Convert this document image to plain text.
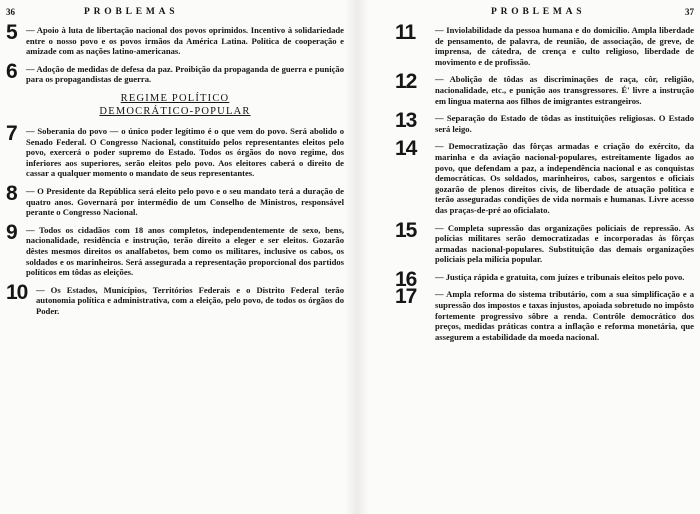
36	PROBLEMAS
5 — Apoio à luta de libertação nacional dos povos oprimidos. Incentivo à solidariedade entre o nosso povo e os povos irmãos da América Latina. Política de cooperação e amizade com as nações latino-americanas.

6 — Adoção de medidas de defesa da paz. Proibição da propaganda de guerra e punição para os propagandistas de guerra.

REGIME POLÍTICO
DEMOCRÁTICO-POPULAR
7 — Soberania do povo — o único poder legítimo é o que vem do povo. Será abolido o Senado Federal. O Congresso Nacional, constituído pelos representantes eleitos pelo povo, exercerá o poder supremo do Estado. Todos os órgãos do novo regime, dos inferiores aos superiores, serão eleitos pelo povo. Aos eleitores caberá o direito de cassar a qualquer momento o mandato de seus representantes.

8 — O Presidente da República será eleito pelo povo e o seu mandato terá a duração de quatro anos. Governará por intermédio de um Conselho de Ministros, responsável perante o Congresso Nacional.

9 — Todos os cidadãos com 18 anos completos, independentemente de sexo, bens, nacionalidade, residência e instrução, terão direito a eleger e ser eleitos. Gozarão dêstes mesmos direitos os analfabetos, bem como os militares, inclusive os cabos, os soldados e os marinheiros. Será assegurada a representação proporcional dos partidos políticos em tôdas as eleições.

10 — Os Estados, Municípios, Territórios Federais e o Distrito Federal terão autonomia política e administrativa, com a eleição, pelo povo, de todos os órgãos do Poder.

PROBLEMAS	37
11 — Inviolabilidade da pessoa humana e do domicílio. Ampla liberdade de pensamento, de palavra, de reunião, de associação, de greve, de imprensa, de cátedra, de crença e culto religioso, liberdade de movimento e de profissão.

12 — Abolição de tôdas as discriminações de raça, côr, religião, nacionalidade, etc., e punição aos transgressores. É' livre a instrução em língua materna aos filhos de imigrantes estrangeiros.

13 — Separação do Estado de tôdas as instituições religiosas. O Estado será leigo.

14 — Democratização das fôrças armadas e criação do exército, da marinha e da aviação nacional-populares, estreitamente ligados ao povo, que defendam a paz, a independência nacional e as conquistas democráticas. Os soldados, marinheiros, cabos, sargentos e oficiais gozarão de plenos direitos civis, de liberdade de atuação política e terão asseguradas condições de vida normais e humanas. Livre acesso das praças-de-pré ao oficialato.

15 — Completa supressão das organizações policiais de repressão. As polícias militares serão democratizadas e incorporadas às fôrças armadas nacional-populares. Substituição das demais organizações policiais pela milícia popular.

16 — Justiça rápida e gratuita, com juízes e tribunais eleitos pelo povo.

17 — Ampla reforma do sistema tributário, com a sua simplificação e a supressão dos impostos e taxas injustos, apoiada sobretudo no impôsto fortemente progressivo sôbre a renda. Contrôle democrático dos preços, medidas práticas contra a inflação e reforma monetária, que assegurem a estabilidade da moeda nacional.
